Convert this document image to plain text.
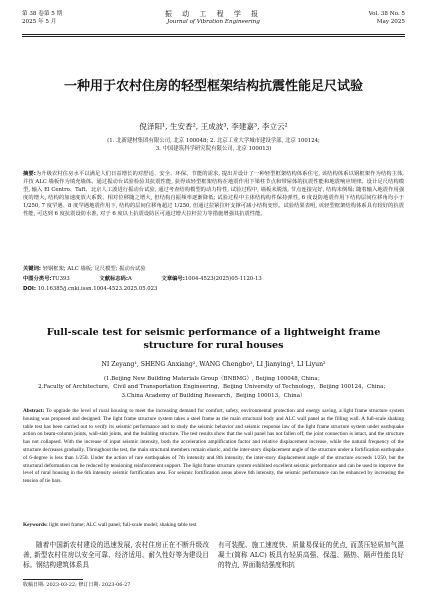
第 38 卷第 5 期
2025 年 5 月
振 动 工 程 学 报
Journal of Vibration Engineering
Vol. 38 No. 5
May 2025
一种用于农村住房的轻型框架结构抗震性能足尺试验
倪泽阳¹, 生安香², 王成波³, 李建嘉³, 李立云²
(1. 北新建材集团有限公司, 北京 100048; 2. 北京工业大学城市建设学部, 北京 100124;
3. 中国建筑科学研究院有限公司, 北京 100013)
摘要:为升级农村住房水平以满足人们日益增长的对舒适、安全、环保、节能的需求, 提出并设计了一种轻型框架结构体系住宅, 该结构体系以钢框架作为结构主体, 并技 ALC 墙板作为填充墙体。通过振动台试验检验其抗震性能, 获得该轻型框架结构在地震作用下梁柱节点和带屋体的抗震性能和地震响应规律。设计足尺结构模型, 输入 El Centro、Taft、北京人工波进行振动台试验, 通过考查结构模型的动力特性, 试验过程中, 墙板未脱落, 节点连接完好, 结构未倒塌; 随着输入地震作用强度的增大, 结构的加速度放大系数、相对位移随之增大, 但结构自振频率逐渐降低; 试验过程中主体结构构件保持弹性, 6 度设防地震作用下结构层间位移角均小于 1/250, 7 度罕遇、8 度罕遇地震作用下, 结构的层间位移角超过 1/250, 但通过拉紧拉杆支撑可减小结构变形。试验结果表明, 该轻型框架结构体系具有较好的抗震性能, 可达到 6 度抗震设防水准, 对于 6 度以上抗震设防区可通过增大拉杆拉力等措施增强其抗震性能。
关键词: 轻钢框架; ALC 墙板; 足尺模型; 振动台试验
中图分类号:TU393	文献标志码:A	文章编号:1004-4523(2025)05-1120-13
DOI: 10.16385/j.cnki.issn.1004-4523.2025.05.023
Full-scale test for seismic performance of a lightweight frame structure for rural houses
NI Zeyang¹, SHENG Anxiang², WANG Chengbo³, LI Jianying³, LI Liyun²
(1.Beijing New Building Materials Group（BNBMG）, Beijing 100048, China；
2.Faculty of Architecture，Civil and Transportation Engineering，Beijing University of Technology，Beijing 100124，China；
3.China Academy of Building Research，Beijing 100013，China）
Abstract: To upgrade the level of rural housing to meet the increasing demand for comfort, safety, environmental protection and energy saving, a light frame structure system housing was proposed and designed. The light frame structure system takes a steel frame as the main structural body and ALC wall panel as the filling wall. A full-scale shaking table test has been carried out to verify its seismic performance and to study the seismic behavior and seismic response law of the light frame structure system under earthquake action on beam-column joints, wall-slab joints, and the building structure. The test results show that the wall panel has not fallen off, the joint connection is intact, and the structure has not collapsed. With the increase of input seismic intensity, both the acceleration amplification factor and relative displacement increase, while the natural frequency of the structure decreases gradually. Throughout the test, the main structural members remain elastic, and the inter-story displacement angle of the structure under a fortification earthquake of 6-degree is less than 1/250. Under the action of rare earthquakes of 7th intensity and 8th intensity, the inter-story displacement angle of the structure exceeds 1/250, but the structural deformation can be reduced by tensioning reinforcement support. The light frame structure system exhibited excellent seismic performance and can be used to improve the level of rural housing in the 6th intensity seismic fortification area. For seismic fortification areas above 6th intensity, the seismic performance can be enhanced by increasing the tension of tie bars.
Keywords: light steel frame; ALC wall panel; full-scale model; shaking table test

随着中国新农村建设的迅速发展, 农村住房正在不断升级改善, 新型农村住房以安全可靠、经济适用、耐久性好等为建设目标。钢结构建筑体系具

有可装配、施工速度快、质量易保证的优点, 而蒸压轻质加气混凝土(简称 ALC) 板具有轻质高强、保温、隔热、隔声性能良好的特点, 界面黏结强度和抗

收稿日期: 2023-03-22; 修订日期: 2023-06-27
